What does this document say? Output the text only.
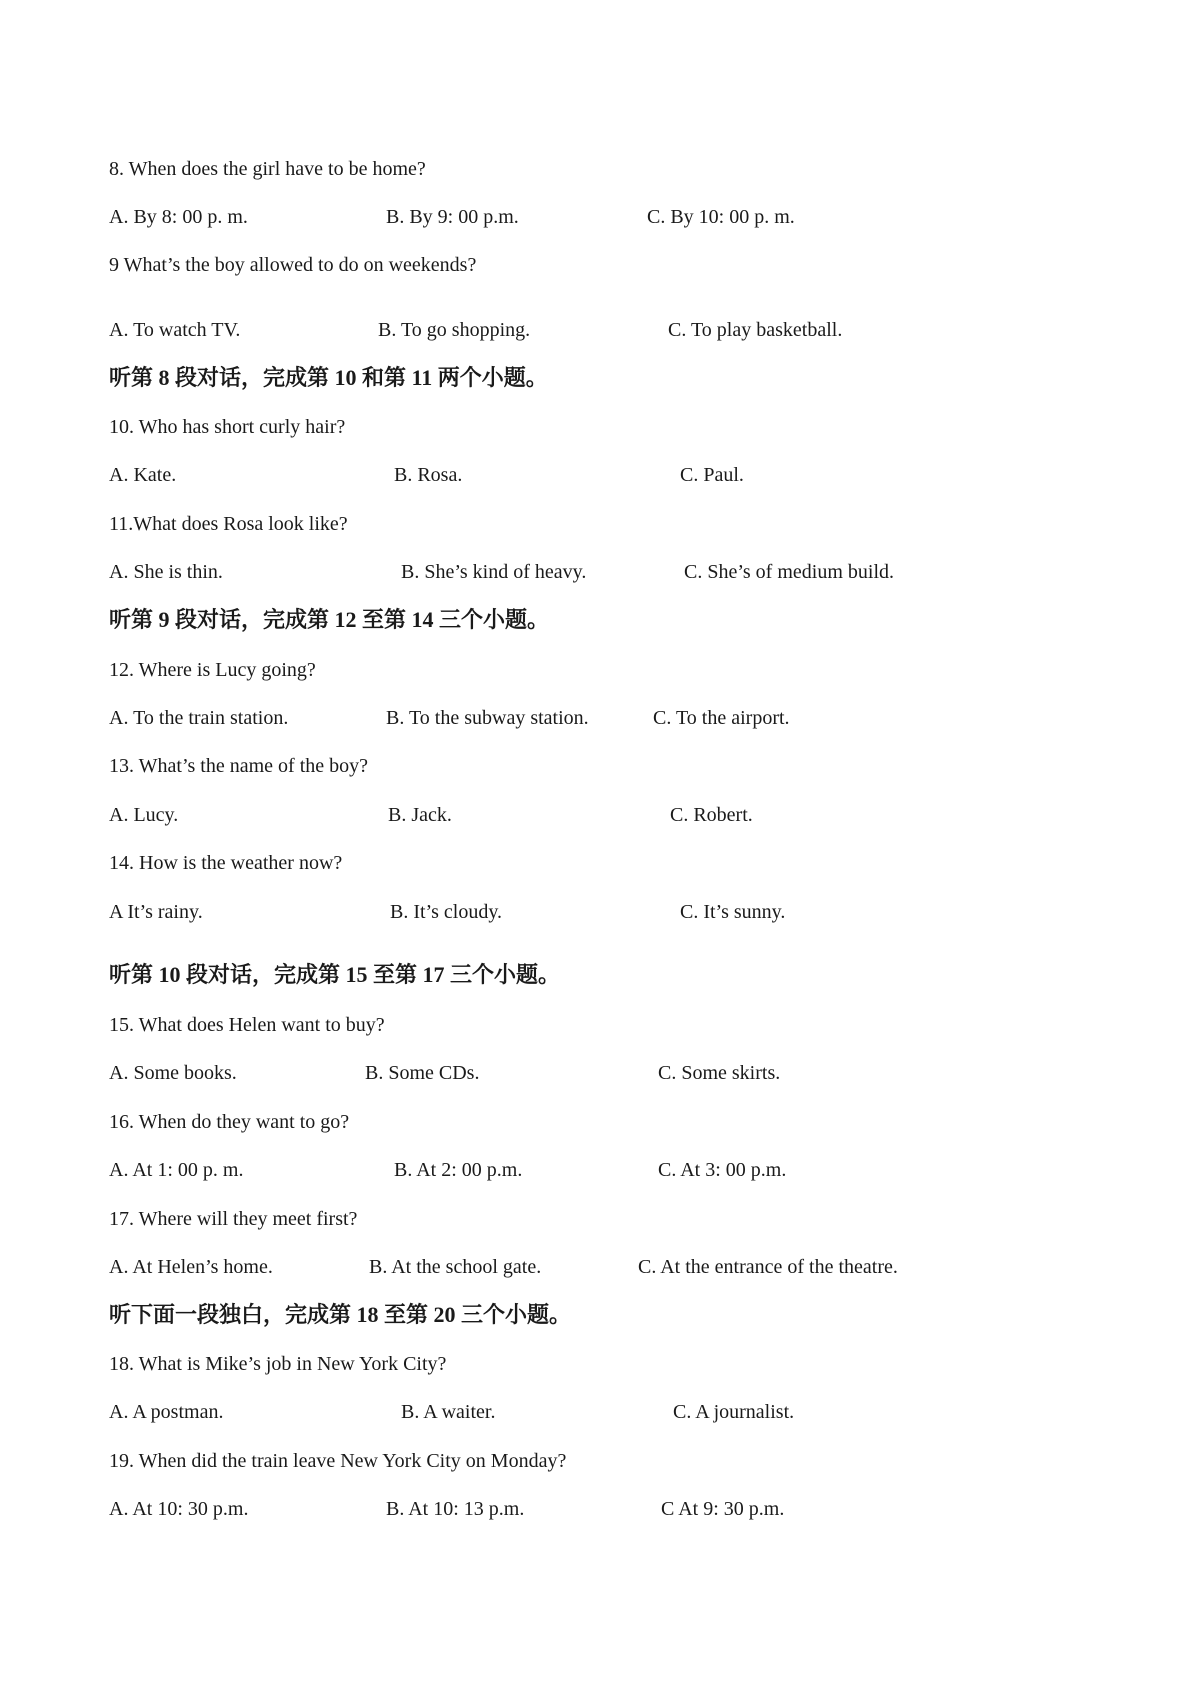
8. When does the girl have to be home?
A. By 8: 00 p. m.	B. By 9: 00 p.m.	C. By 10: 00 p. m.
9 What’s the boy allowed to do on weekends?
A. To watch TV.	B. To go shopping.	C. To play basketball.
听第 8 段对话，完成第 10 和第 11 两个小题。
10. Who has short curly hair?
A. Kate.	B. Rosa.	C. Paul.
11.What does Rosa look like?
A. She is thin.	B. She’s kind of heavy.	C. She’s of medium build.
听第 9 段对话，完成第 12 至第 14 三个小题。
12. Where is Lucy going?
A. To the train station.	B. To the subway station.	C. To the airport.
13. What’s the name of the boy?
A. Lucy.	B. Jack.	C. Robert.
14. How is the weather now?
A It’s rainy.	B. It’s cloudy.	C. It’s sunny.
听第 10 段对话，完成第 15 至第 17 三个小题。
15. What does Helen want to buy?
A. Some books.	B. Some CDs.	C. Some skirts.
16. When do they want to go?
A. At 1: 00 p. m.	B. At 2: 00 p.m.	C. At 3: 00 p.m.
17. Where will they meet first?
A. At Helen’s home.	B. At the school gate.	C. At the entrance of the theatre.
听下面一段独白，完成第 18 至第 20 三个小题。
18. What is Mike’s job in New York City?
A. A postman.	B. A waiter.	C. A journalist.
19. When did the train leave New York City on Monday?
A. At 10: 30 p.m.	B. At 10: 13 p.m.	C At 9: 30 p.m.
